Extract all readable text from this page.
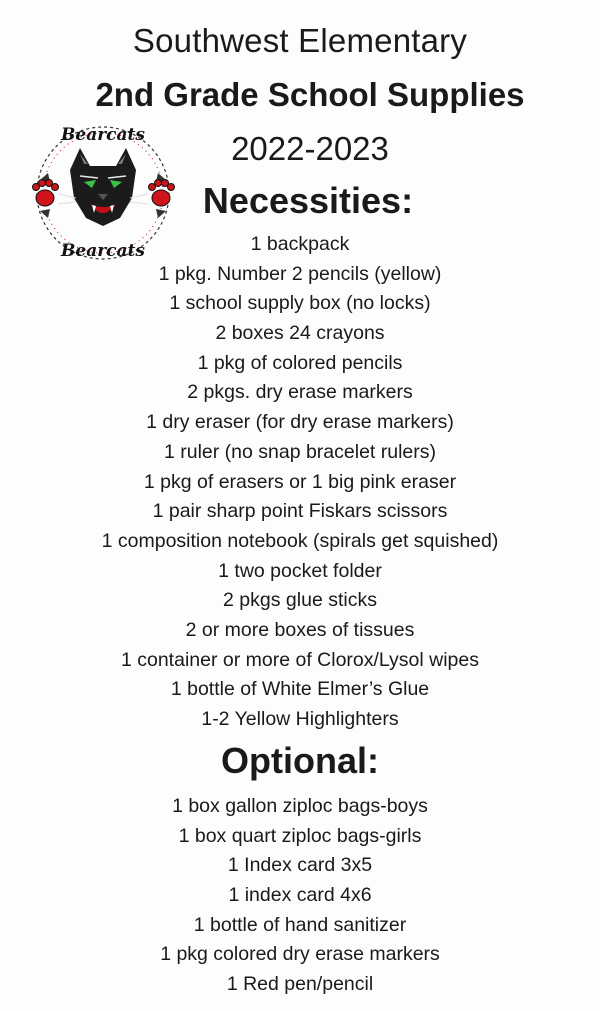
Southwest Elementary
2nd Grade School Supplies
2022-2023
Bearcats
Bearcats
Necessities:
1 backpack
1 pkg. Number 2 pencils (yellow)
1 school supply box (no locks)
2 boxes 24 crayons
1 pkg of colored pencils
2 pkgs. dry erase markers
1 dry eraser (for dry erase markers)
1 ruler (no snap bracelet rulers)
1 pkg of erasers or 1 big pink eraser
1 pair sharp point Fiskars scissors
1 composition notebook (spirals get squished)
1 two pocket folder
2 pkgs glue sticks
2 or more boxes of tissues
1 container or more of Clorox/Lysol wipes
1 bottle of White Elmer’s Glue
1-2 Yellow Highlighters
Optional:
1 box gallon ziploc bags-boys
1 box quart ziploc bags-girls
1 Index card 3x5
1 index card 4x6
1 bottle of hand sanitizer
1 pkg colored dry erase markers
1 Red pen/pencil
